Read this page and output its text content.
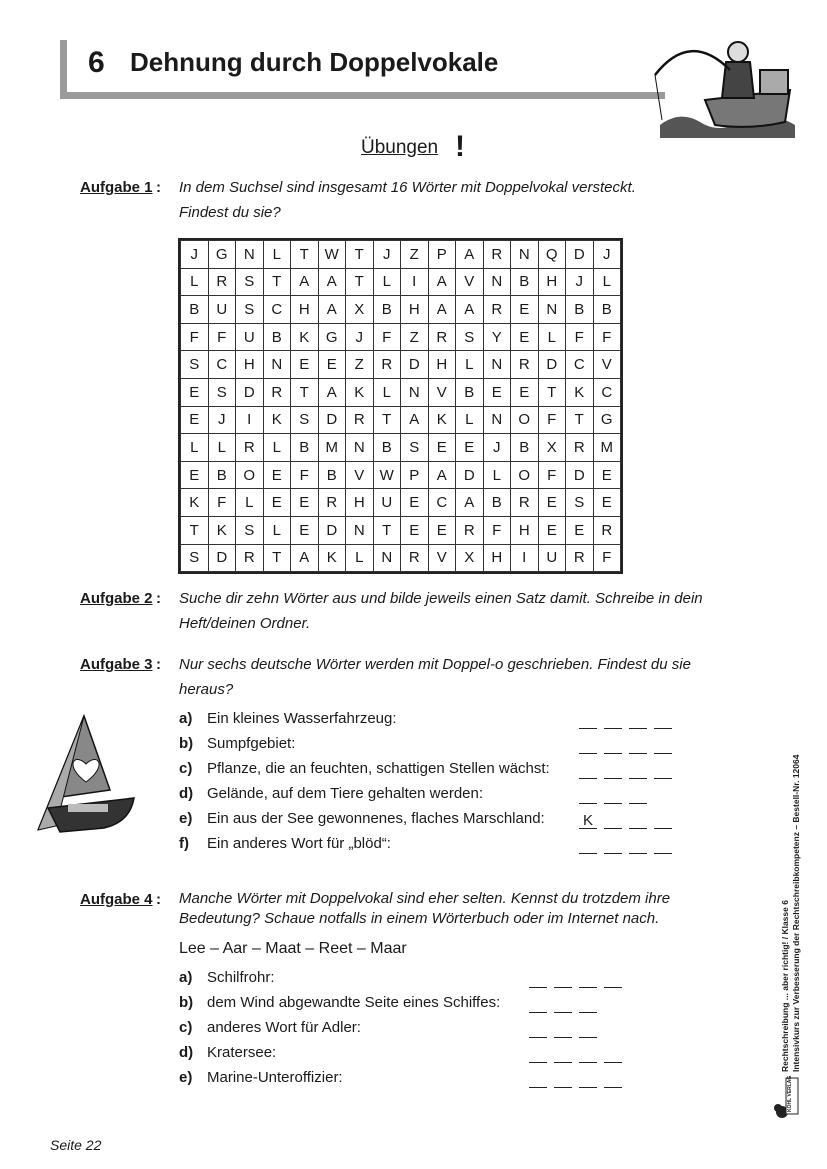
6 Dehnung durch Doppelvokale
Übungen !
Aufgabe 1 : In dem Suchsel sind insgesamt 16 Wörter mit Doppelvokal versteckt.
Findest du sie?
J	G	N	L	T	W	T	J	Z	P	A	R	N	Q	D	J
L	R	S	T	A	A	T	L	I	A	V	N	B	H	J	L
B	U	S	C	H	A	X	B	H	A	A	R	E	N	B	B
F	F	U	B	K	G	J	F	Z	R	S	Y	E	L	F	F
S	C	H	N	E	E	Z	R	D	H	L	N	R	D	C	V
E	S	D	R	T	A	K	L	N	V	B	E	E	T	K	C
E	J	I	K	S	D	R	T	A	K	L	N	O	F	T	G
L	L	R	L	B	M	N	B	S	E	E	J	B	X	R	M
E	B	O	E	F	B	V	W	P	A	D	L	O	F	D	E
K	F	L	E	E	R	H	U	E	C	A	B	R	E	S	E
T	K	S	L	E	D	N	T	E	E	R	F	H	E	E	R
S	D	R	T	A	K	L	N	R	V	X	H	I	U	R	F
Aufgabe 2 : Suche dir zehn Wörter aus und bilde jeweils einen Satz damit. Schreibe in dein
Heft/deinen Ordner.
Aufgabe 3 : Nur sechs deutsche Wörter werden mit Doppel-o geschrieben. Findest du sie
heraus?
a) Ein kleines Wasserfahrzeug:
b) Sumpfgebiet:
c) Pflanze, die an feuchten, schattigen Stellen wächst:
d) Gelände, auf dem Tiere gehalten werden:
e) Ein aus der See gewonnenes, flaches Marschland:	K
f) Ein anderes Wort für „blöd“:
Aufgabe 4 : Manche Wörter mit Doppelvokal sind eher selten. Kennst du trotzdem ihre
Bedeutung? Schaue notfalls in einem Wörterbuch oder im Internet nach.
Lee – Aar – Maat – Reet – Maar
a) Schilfrohr:
b) dem Wind abgewandte Seite eines Schiffes:
c) anderes Wort für Adler:
d) Kratersee:
e) Marine-Unteroffizier:
Rechtschreibung ... aber richtig! / Klasse 6 Intensivkurs zur Verbesserung der Rechtschreibkompetenz – Bestell-Nr. 12064
KOHL VERLAG
Seite 22
